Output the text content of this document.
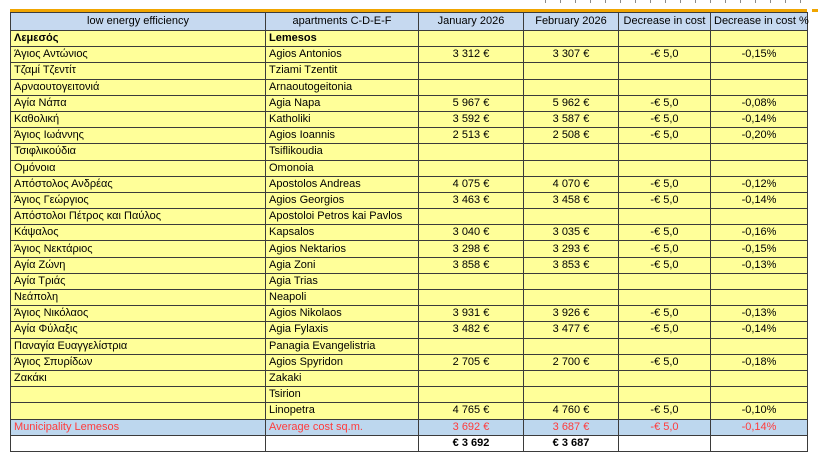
low energy efficiency	apartments C-D-E-F	January 2026	February 2026	Decrease in cost	Decrease in cost %
Λεμεσός	Lemesos				
Άγιος Αντώνιος	Agios Antonios	3 312 €	3 307 €	-€ 5,0	-0,15%
Τζαμί Τζεντίτ	Tziami Tzentit				
Αρναουτογειτονιά	Arnaoutogeitonia				
Αγία Νάπα	Agia Napa	5 967 €	5 962 €	-€ 5,0	-0,08%
Καθολική	Katholiki	3 592 €	3 587 €	-€ 5,0	-0,14%
Άγιος Ιωάννης	Agios Ioannis	2 513 €	2 508 €	-€ 5,0	-0,20%
Τσιφλικούδια	Tsiflikoudia				
Ομόνοια	Omonoia				
Απόστολος Ανδρέας	Apostolos Andreas	4 075 €	4 070 €	-€ 5,0	-0,12%
Άγιος Γεώργιος	Agios Georgios	3 463 €	3 458 €	-€ 5,0	-0,14%
Απόστολοι Πέτρος και Παύλος	Apostoloi Petros kai Pavlos				
Κάψαλος	Kapsalos	3 040 €	3 035 €	-€ 5,0	-0,16%
Άγιος Νεκτάριος	Agios Nektarios	3 298 €	3 293 €	-€ 5,0	-0,15%
Αγία Ζώνη	Agia Zoni	3 858 €	3 853 €	-€ 5,0	-0,13%
Αγία Τριάς	Agia Trias				
Νεάπολη	Neapoli				
Άγιος Νικόλαος	Agios Nikolaos	3 931 €	3 926 €	-€ 5,0	-0,13%
Αγία Φύλαξις	Agia Fylaxis	3 482 €	3 477 €	-€ 5,0	-0,14%
Παναγία Ευαγγελίστρια	Panagia Evangelistria				
Άγιος Σπυρίδων	Agios Spyridon	2 705 €	2 700 €	-€ 5,0	-0,18%
Ζακάκι	Zakaki				
	Tsirion				
	Linopetra	4 765 €	4 760 €	-€ 5,0	-0,10%
Municipality Lemesos	Average cost sq.m.	3 692 €	3 687 €	-€ 5,0	-0,14%
		€ 3 692	€ 3 687		
